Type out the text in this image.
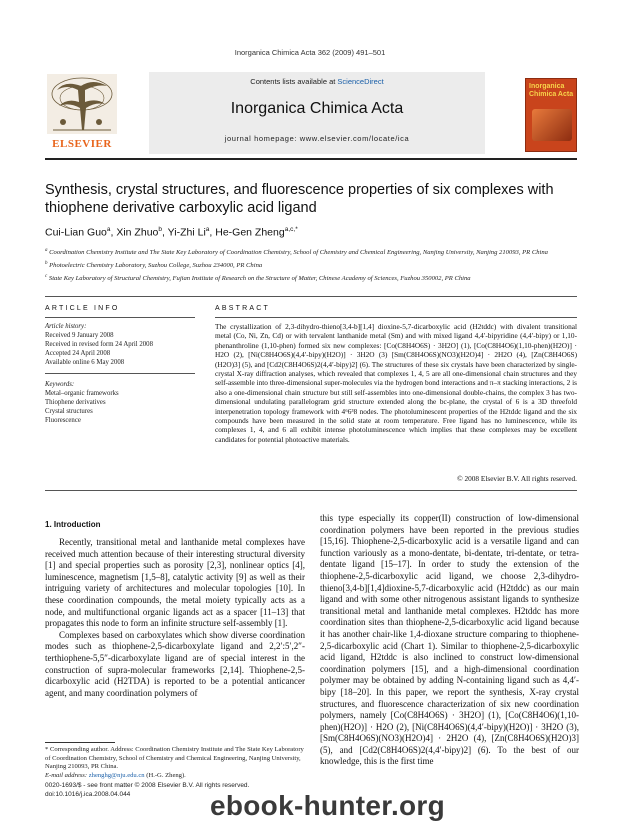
Inorganica Chimica Acta 362 (2009) 491–501
ELSEVIER
Contents lists available at ScienceDirect
Inorganica Chimica Acta
journal homepage: www.elsevier.com/locate/ica
Inorganica Chimica Acta
Synthesis, crystal structures, and fluorescence properties of six complexes with thiophene derivative carboxylic acid ligand
Cui-Lian Guo$^a$, Xin Zhuo$^b$, Yi-Zhi Li$^a$, He-Gen Zheng$^{a,c,*}$

$^a$ Coordination Chemistry Institute and The State Key Laboratory of Coordination Chemistry, School of Chemistry and Chemical Engineering, Nanjing University, Nanjing 210093, PR China

$^b$ Photoelectric Chemistry Laboratory, Suzhou College, Suzhou 234000, PR China

$^c$ State Key Laboratory of Structural Chemistry, Fujian Institute of Research on the Structure of Matter, Chinese Academy of Sciences, Fuzhou 350002, PR China

ARTICLE INFO	ABSTRACT
Article history:
Received 9 January 2008
Received in revised form 24 April 2008
Accepted 24 April 2008
Available online 6 May 2008
Keywords:
Metal–organic frameworks
Thiophene derivatives
Crystal structures
Fluorescence
The crystallization of 2,3-dihydro-thieno[3,4-b][1,4] dioxine-5,7-dicarboxylic acid (H2tddc) with divalent transitional metal (Co, Ni, Zn, Cd) or with tervalent lanthanide metal (Sm) and with mixed ligand 4,4′-bipyridine (4,4′-bipy) or 1,10-phenanthroline (1,10-phen) formed six new complexes: [Co(C8H4O6S) · 3H2O] (1), [Co(C8H4O6)(1,10-phen)(H2O)] · H2O (2), [Ni(C8H4O6S)(4,4′-bipy)(H2O)] · 3H2O (3) [Sm(C8H4O6S)(NO3)(H2O)4] · 2H2O (4), [Zn(C8H4O6S)(H2O)3] (5), and [Cd2(C8H4O6S)2(4,4′-bipy)2] (6). The structures of these six crystals have been characterized by single-crystal X-ray diffraction analyses, which revealed that complexes 1, 4, 5 are all one-dimensional chain structures and they self-assemble into three-dimensional super-molecules via the hydrogen bond interactions and π–π stacking interactions, 2 is also a one-dimensional chain structure but still self-assembles into one-dimensional double-chains, the complex 3 has two-dimensional undulating parallelogram grid structure extended along the bc-plane, the crystal of 6 is a 3D threefold interpenetration topology framework with 4⁶6³8 nodes. The photoluminescent properties of the H2tddc ligand and the six compounds have been measured in the solid state at room temperature. Free ligand has no luminescence, while its complexes 1, 4, and 6 all exhibit intense photoluminescence which implies that these complexes may be excellent candidates for potential photoactive materials.
© 2008 Elsevier B.V. All rights reserved.
1. Introduction

Recently, transitional metal and lanthanide metal complexes have received much attention because of their interesting structural diversity [1] and special properties such as porosity [2,3], nonlinear optics [4], luminescence, magnetism [1,5–8], catalytic activity [9] as well as their intriguing variety of architectures and molecular topologies [10]. In these coordination compounds, the metal moiety typically acts as a node, and multifunctional organic ligands act as a spacer [11–13] that propagates this node to form an infinite structure self-assembly [1].

Complexes based on carboxylates which show diverse coordination modes such as thiophene-2,5-dicarboxylate ligand and 2,2′:5′,2″-terthiophene-5,5″-dicarboxylate ligand are of special interest in the construction of supra-molecular frameworks [2,14]. Thiophene-2,5-dicarboxylic acid (H2TDA) is reported to be a potential anticancer agent, and many coordination polymers of

this type especially its copper(II) construction of low-dimensional coordination polymers have been reported in the previous studies [15,16]. Thiophene-2,5-dicarboxylic acid is a versatile ligand and can function variously as a mono-dentate, bi-dentate, tri-dentate, or tetra-dentate ligand [15–17]. In order to study the extension of the thiophene-2,5-dicarboxylic acid ligand, we choose 2,3-dihydro-thieno[3,4-b][1,4]dioxine-5,7-dicarboxylic acid (H2tddc) as our main ligand and with some other nitrogenous assistant ligands to synthesize transitional metal and lanthanide metal complexes. H2tddc has more coordination sites than thiophene-2,5-dicarboxylic acid ligand because it has another chair-like 1,4-dioxane structure comparing to thiophene-2,5-dicarboxylic acid (Chart 1). Similar to thiophene-2,5-dicarboxylic acid ligand, H2tddc is also inclined to construct low-dimensional coordination polymers [15], and a high-dimensional coordination polymer may be obtained by adding N-containing ligand such as 4,4′-bipy [18–20]. In this paper, we report the synthesis, X-ray crystal structures, and fluorescence characterization of six new coordination polymers, namely [Co(C8H4O6S) · 3H2O] (1), [Co(C8H4O6)(1,10-phen)(H2O)] · H2O (2), [Ni(C8H4O6S)(4,4′-bipy)(H2O)] · 3H2O (3), [Sm(C8H4O6S)(NO3)(H2O)4] · 2H2O (4), [Zn(C8H4O6S)(H2O)3] (5), and [Cd2(C8H4O6S)2(4,4′-bipy)2] (6). To the best of our knowledge, this is the first time

* Corresponding author. Address: Coordination Chemistry Institute and The State Key Laboratory of Coordination Chemistry, School of Chemistry and Chemical Engineering, Nanjing University, Nanjing 210093, PR China.
E-mail address: zhenghg@nju.edu.cn (H.-G. Zheng).
0020-1693/$ - see front matter © 2008 Elsevier B.V. All rights reserved.
doi:10.1016/j.ica.2008.04.044	ebook-hunter.org
